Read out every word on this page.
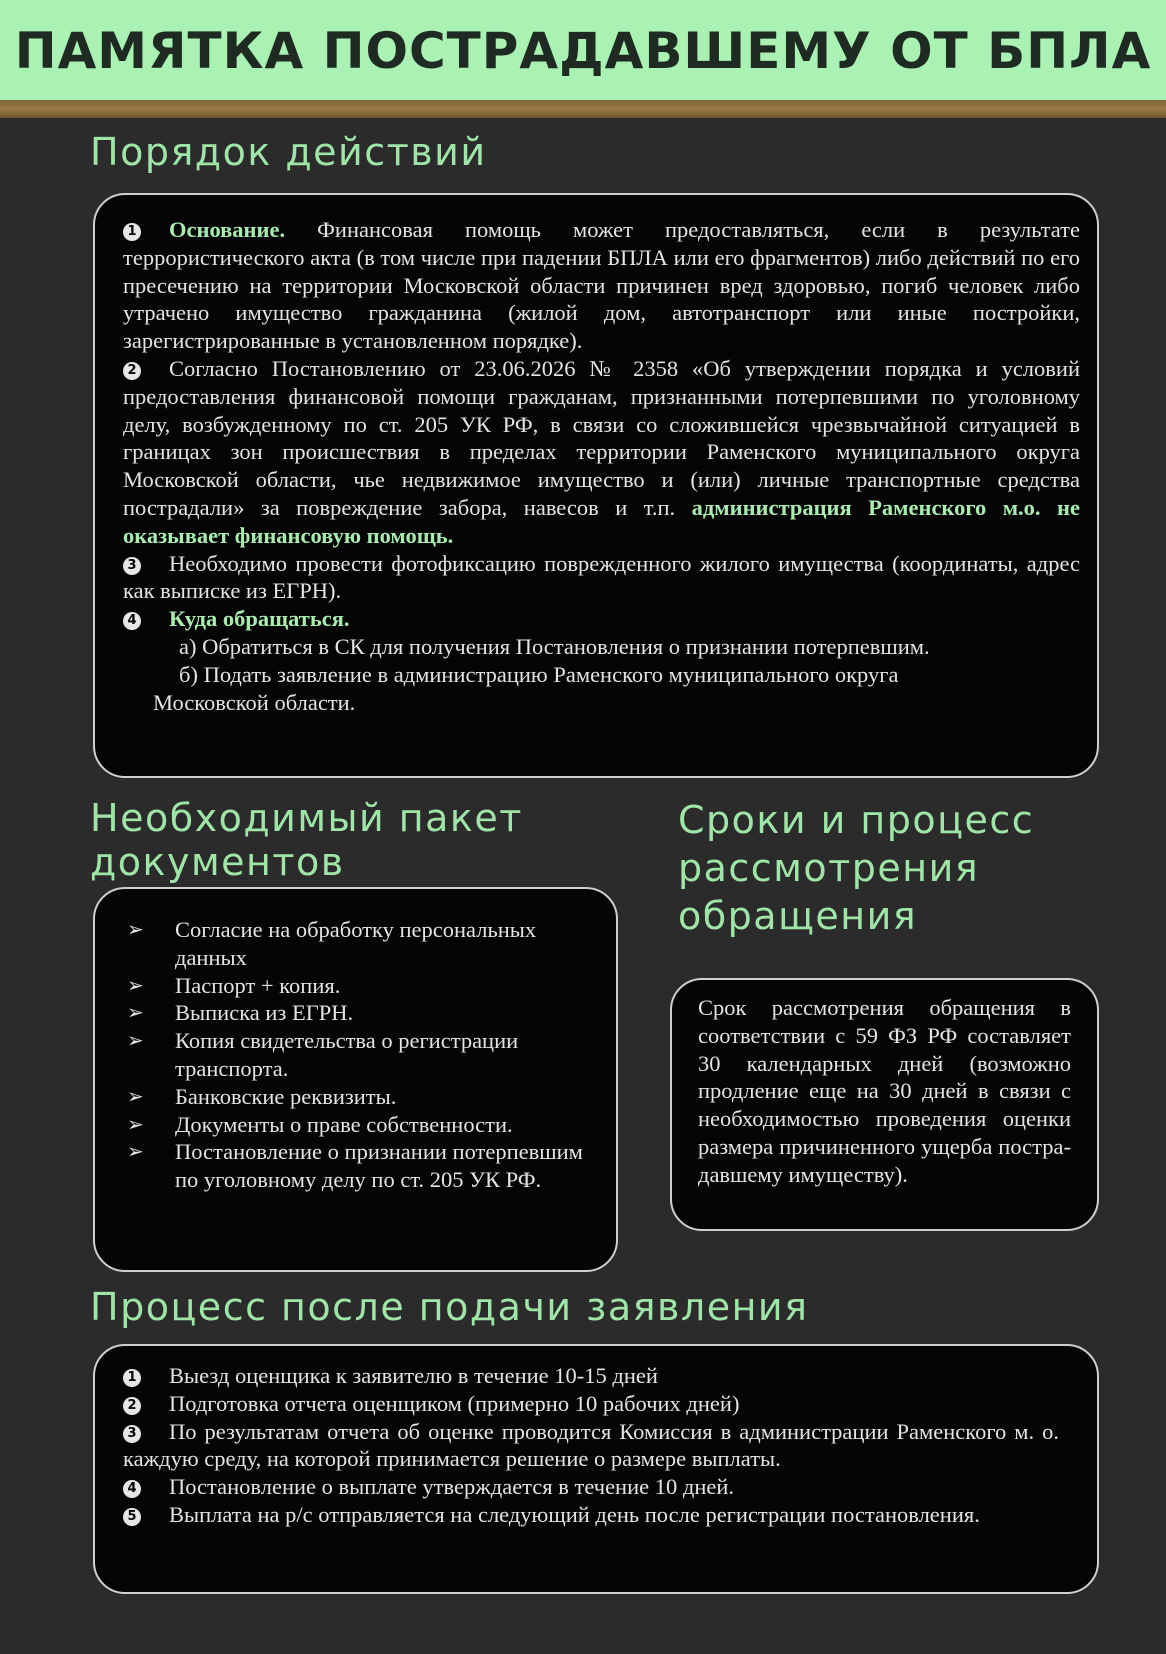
ПАМЯТКА ПОСТРАДАВШЕМУ ОТ БПЛА
Порядок действий

1 Основание. Финансовая помощь может предоставляться, если в результате террористического акта (в том числе при падении БПЛА или его фрагментов) либо действий по его пресечению на территории Московской области причинен вред здоровью, погиб человек либо утрачено имущество гражданина (жилой дом, автотранспорт или иные постройки, зарегистрированные в установленном порядке).

2 Согласно Постановлению от 23.06.2026 № 2358 «Об утверждении порядка и условий предоставления финансовой помощи гражданам, признанными потерпевшими по уголовному делу, возбужденному по ст. 205 УК РФ, в связи со сложившейся чрезвычайной ситуацией в границах зон происшествия в пределах территории Раменского муниципального округа Московской области, чье недвижимое имущество и (или) личные транспортные средства пострадали» за повреждение забора, навесов и т.п. администрация Раменского м.о. не оказывает финансовую помощь.

3 Необходимо провести фотофиксацию поврежденного жилого имущества (координаты, адрес как выписке из ЕГРН).

4 Куда обращаться.

а) Обратиться в СК для получения Постановления о признании потерпевшим.

б) Подать заявление в администрацию Раменского муниципального округа

Московской области.

Необходимый пакет
документов
➢ Согласие на обработку персональных данных
➢ Паспорт + копия.
➢ Выписка из ЕГРН.
➢ Копия свидетельства о регистрации транспорта.
➢ Банковские реквизиты.
➢ Документы о праве собственности.
➢ Постановление о признании потерпевшим по уголовному делу по ст. 205 УК РФ.
Сроки и процесс
рассмотрения
обращения

Срок рассмотрения обращения в соответствии с 59 ФЗ РФ составляет 30 календарных дней (возможно продление еще на 30 дней в связи с необходимостью проведения оценки размера причиненного ущерба пострадавшему имуществу).

Процесс после подачи заявления

1 Выезд оценщика к заявителю в течение 10-15 дней

2 Подготовка отчета оценщиком (примерно 10 рабочих дней)

3 По результатам отчета об оценке проводится Комиссия в администрации Раменского м. о. каждую среду, на которой принимается решение о размере выплаты.

4 Постановление о выплате утверждается в течение 10 дней.

5 Выплата на р/с отправляется на следующий день после регистрации постановления.
